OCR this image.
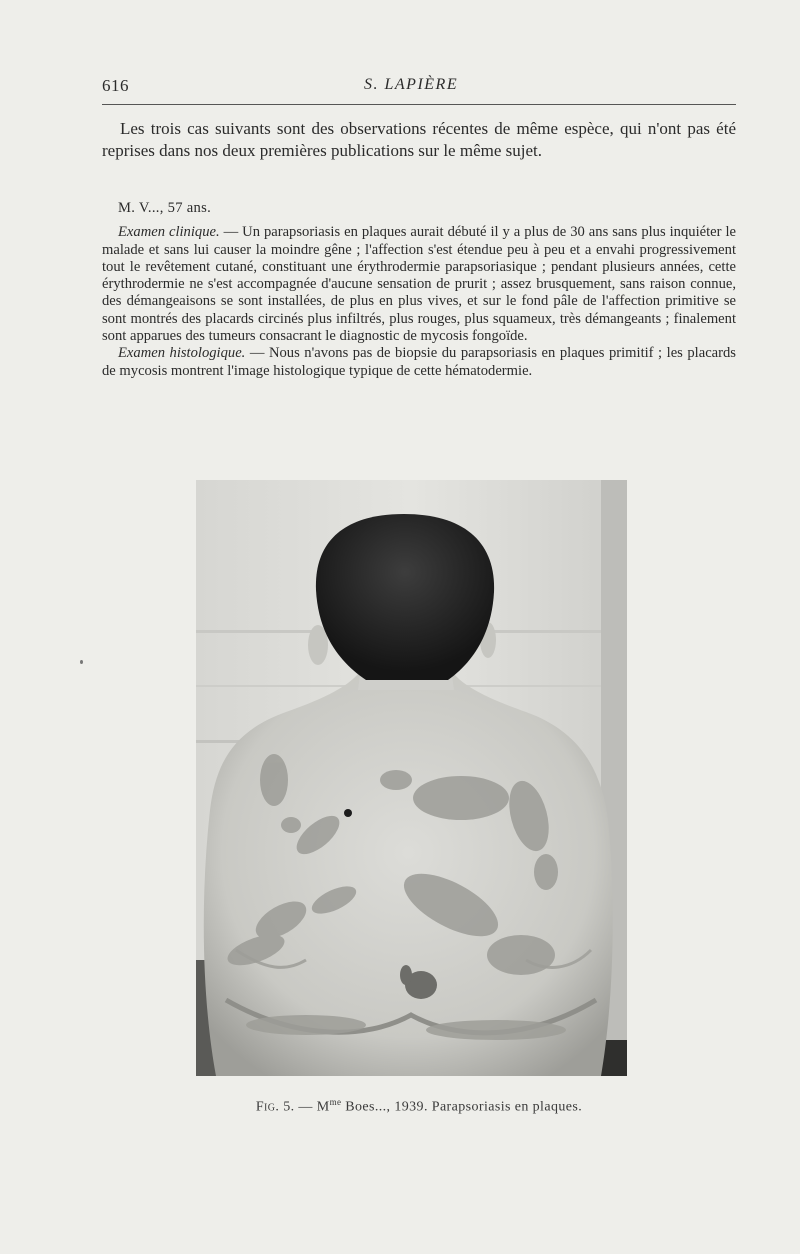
616	S. LAPIÈRE

Les trois cas suivants sont des observations récentes de même espèce, qui n'ont pas été reprises dans nos deux premières publications sur le même sujet.

M. V..., 57 ans.

Examen clinique. — Un parapsoriasis en plaques aurait débuté il y a plus de 30 ans sans plus inquiéter le malade et sans lui causer la moindre gêne ; l'affection s'est étendue peu à peu et a envahi progressivement tout le revêtement cutané, constituant une érythrodermie parapsoriasique ; pendant plusieurs années, cette érythrodermie ne s'est accompagnée d'aucune sensation de prurit ; assez brusquement, sans raison connue, des démangeaisons se sont installées, de plus en plus vives, et sur le fond pâle de l'affection primitive se sont montrés des placards circinés plus infiltrés, plus rouges, plus squameux, très démangeants ; finalement sont apparues des tumeurs consacrant le diagnostic de mycosis fongoïde.

Examen histologique. — Nous n'avons pas de biopsie du parapsoriasis en plaques primitif ; les placards de mycosis montrent l'image histologique typique de cette hématodermie.

Fig. 5. — $M^{me}$ Boes..., 1939. Parapsoriasis en plaques.
